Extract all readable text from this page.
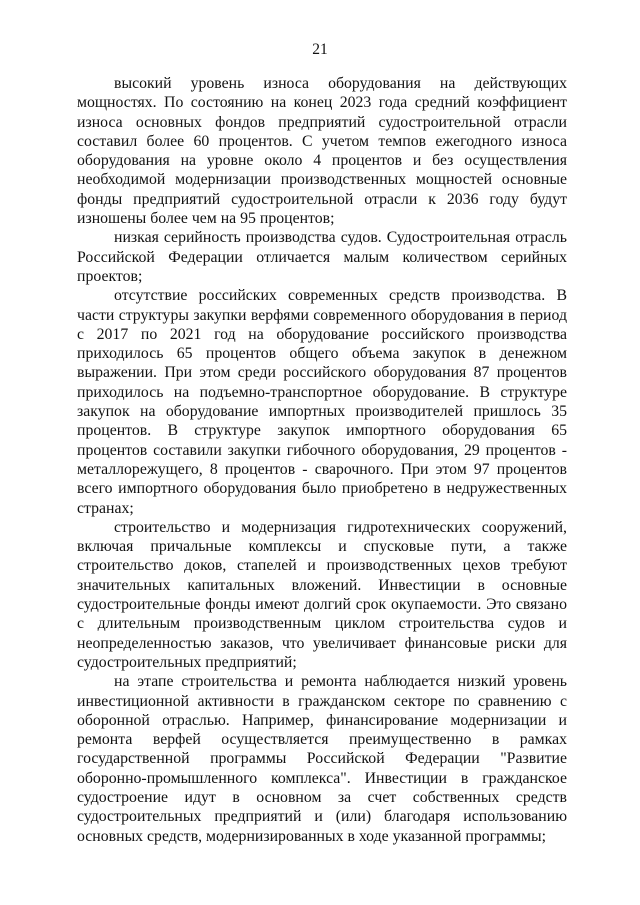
21

высокий уровень износа оборудования на действующих мощностях. По состоянию на конец 2023 года средний коэффициент износа основных фондов предприятий судостроительной отрасли составил более 60 процентов. С учетом темпов ежегодного износа оборудования на уровне около 4 процентов и без осуществления необходимой модернизации производственных мощностей основные фонды предприятий судостроительной отрасли к 2036 году будут изношены более чем на 95 процентов;

низкая серийность производства судов. Судостроительная отрасль Российской Федерации отличается малым количеством серийных проектов;

отсутствие российских современных средств производства. В части структуры закупки верфями современного оборудования в период с 2017 по 2021 год на оборудование российского производства приходилось 65 процентов общего объема закупок в денежном выражении. При этом среди российского оборудования 87 процентов приходилось на подъемно-транспортное оборудование. В структуре закупок на оборудование импортных производителей пришлось 35 процентов. В структуре закупок импортного оборудования 65 процентов составили закупки гибочного оборудования, 29 процентов - металлорежущего, 8 процентов - сварочного. При этом 97 процентов всего импортного оборудования было приобретено в недружественных странах;

строительство и модернизация гидротехнических сооружений, включая причальные комплексы и спусковые пути, а также строительство доков, стапелей и производственных цехов требуют значительных капитальных вложений. Инвестиции в основные судостроительные фонды имеют долгий срок окупаемости. Это связано с длительным производственным циклом строительства судов и неопределенностью заказов, что увеличивает финансовые риски для судостроительных предприятий;

на этапе строительства и ремонта наблюдается низкий уровень инвестиционной активности в гражданском секторе по сравнению с оборонной отраслью. Например, финансирование модернизации и ремонта верфей осуществляется преимущественно в рамках государственной программы Российской Федерации "Развитие оборонно-промышленного комплекса". Инвестиции в гражданское судостроение идут в основном за счет собственных средств судостроительных предприятий и (или) благодаря использованию основных средств, модернизированных в ходе указанной программы;
